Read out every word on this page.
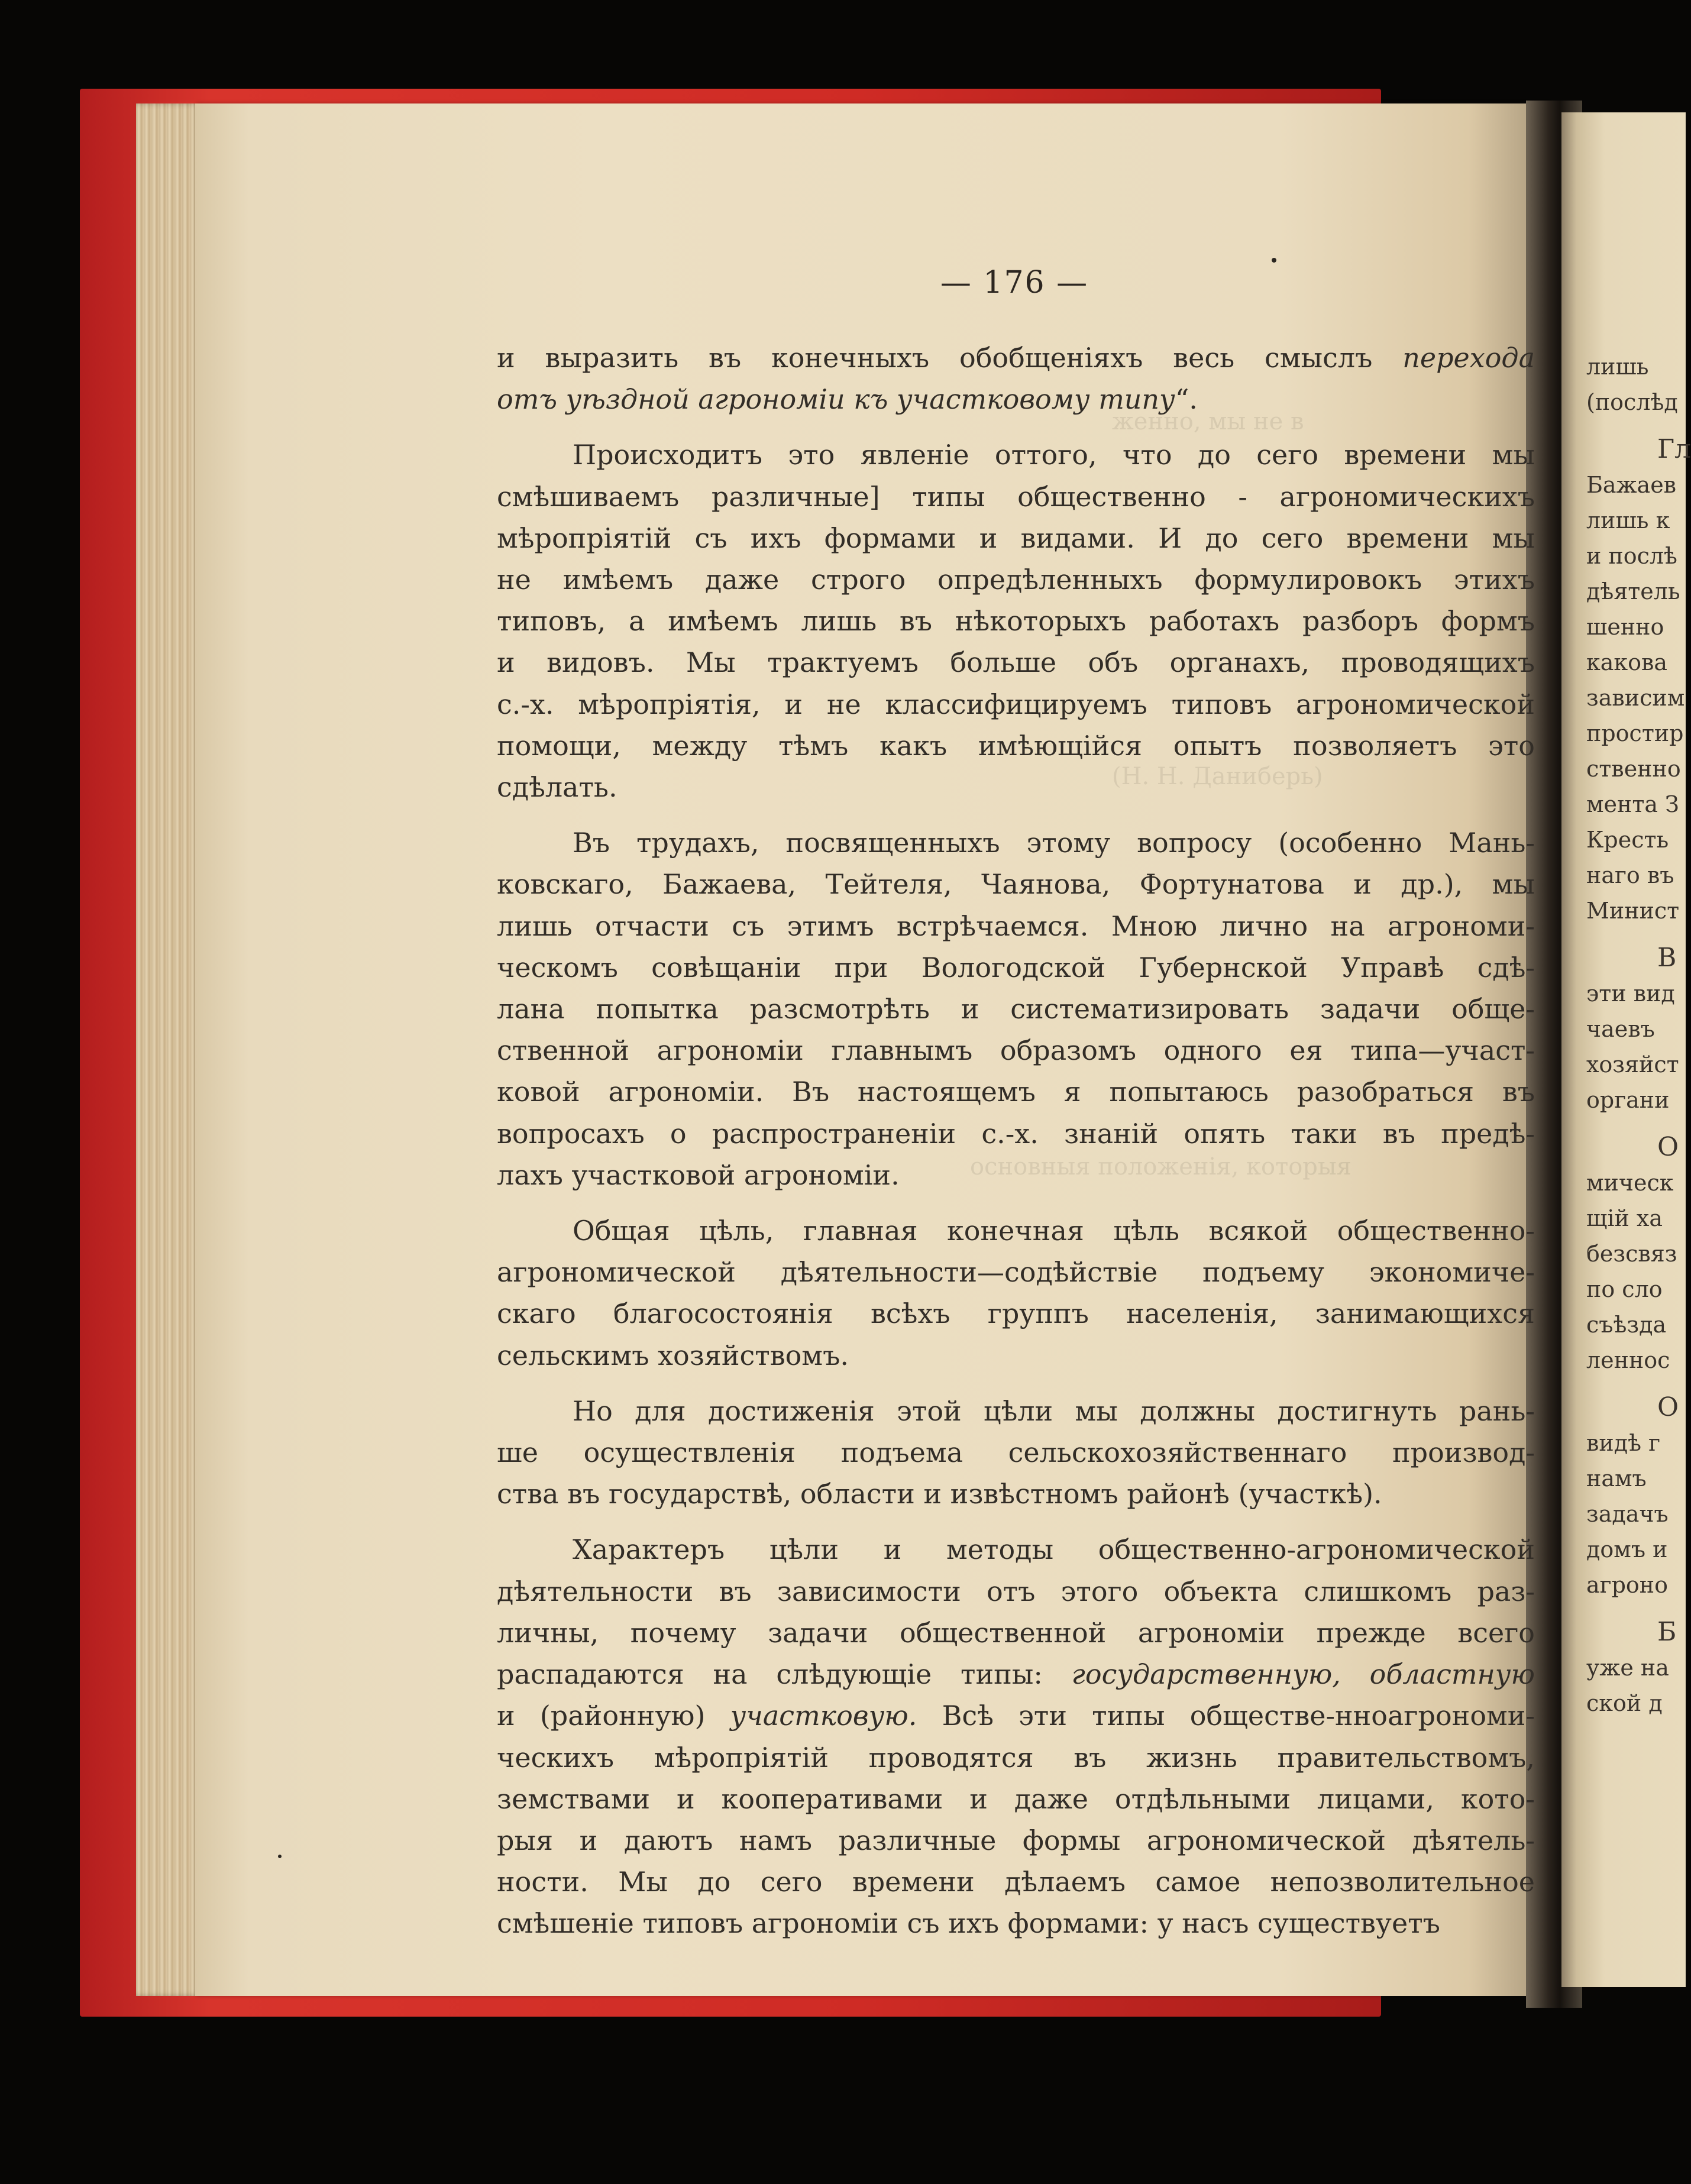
женно, мы не в
(Н. Н. Даниберь)
основныя положенія, которыя
— 176 —

и выразить въ конечныхъ обобщеніяхъ весь смыслъ перехода
отъ уѣздной агрономіи къ участковому типу“.

Происходитъ это явленіе оттого, что до сего времени мы
смѣшиваемъ различные] типы общественно - агрономическихъ
мѣропріятій съ ихъ формами и видами. И до сего времени мы
не имѣемъ даже строго опредѣленныхъ формулировокъ этихъ
типовъ, а имѣемъ лишь въ нѣкоторыхъ работахъ разборъ формъ
и видовъ. Мы трактуемъ больше объ органахъ, проводящихъ
с.-х. мѣропріятія, и не классифицируемъ типовъ агрономической
помощи, между тѣмъ какъ имѣющійся опытъ позволяетъ это
сдѣлать.

Въ трудахъ, посвященныхъ этому вопросу (особенно Мань-
ковскаго, Бажаева, Тейтеля, Чаянова, Фортунатова и др.), мы
лишь отчасти съ этимъ встрѣчаемся. Мною лично на агрономи-
ческомъ совѣщаніи при Вологодской Губернской Управѣ сдѣ-
лана попытка разсмотрѣть и систематизировать задачи обще-
ственной агрономіи главнымъ образомъ одного ея типа—участ-
ковой агрономіи. Въ настоящемъ я попытаюсь разобраться въ
вопросахъ о распространеніи с.-х. знаній опять таки въ предѣ-
лахъ участковой агрономіи.

Общая цѣль, главная конечная цѣль всякой общественно-
агрономической дѣятельности—содѣйствіе подъему экономиче-
скаго благосостоянія всѣхъ группъ населенія, занимающихся
сельскимъ хозяйствомъ.

Но для достиженія этой цѣли мы должны достигнуть рань-
ше осуществленія подъема сельскохозяйственнаго производ-
ства въ государствѣ, области и извѣстномъ районѣ (участкѣ).

Характеръ цѣли и методы общественно-агрономической
дѣятельности въ зависимости отъ этого объекта слишкомъ раз-
личны, почему задачи общественной агрономіи прежде всего
распадаются на слѣдующіе типы: государственную, областную
и (районную) участковую. Всѣ эти типы обществе-нноагрономи-
ческихъ мѣропріятій проводятся въ жизнь правительствомъ,
земствами и кооперативами и даже отдѣльными лицами, кото-
рыя и даютъ намъ различные формы агрономической дѣятель-
ности. Мы до сего времени дѣлаемъ самое непозволительное
смѣшеніе типовъ агрономіи съ ихъ формами: у насъ существуетъ

лишь
(послѣд
Гл
Бажаев
лишь к
и послѣ
дѣятель
шенно
какова
зависим
простир
ственно
мента З
Кресть
наго въ
Минист
В
эти вид
чаевъ
хозяйст
органи
О
мическ
щій ха
безсвяз
по сло
съѣзда
леннос
О
видѣ г
намъ
задачъ
домъ и
агроно
Б
уже на
ской д
